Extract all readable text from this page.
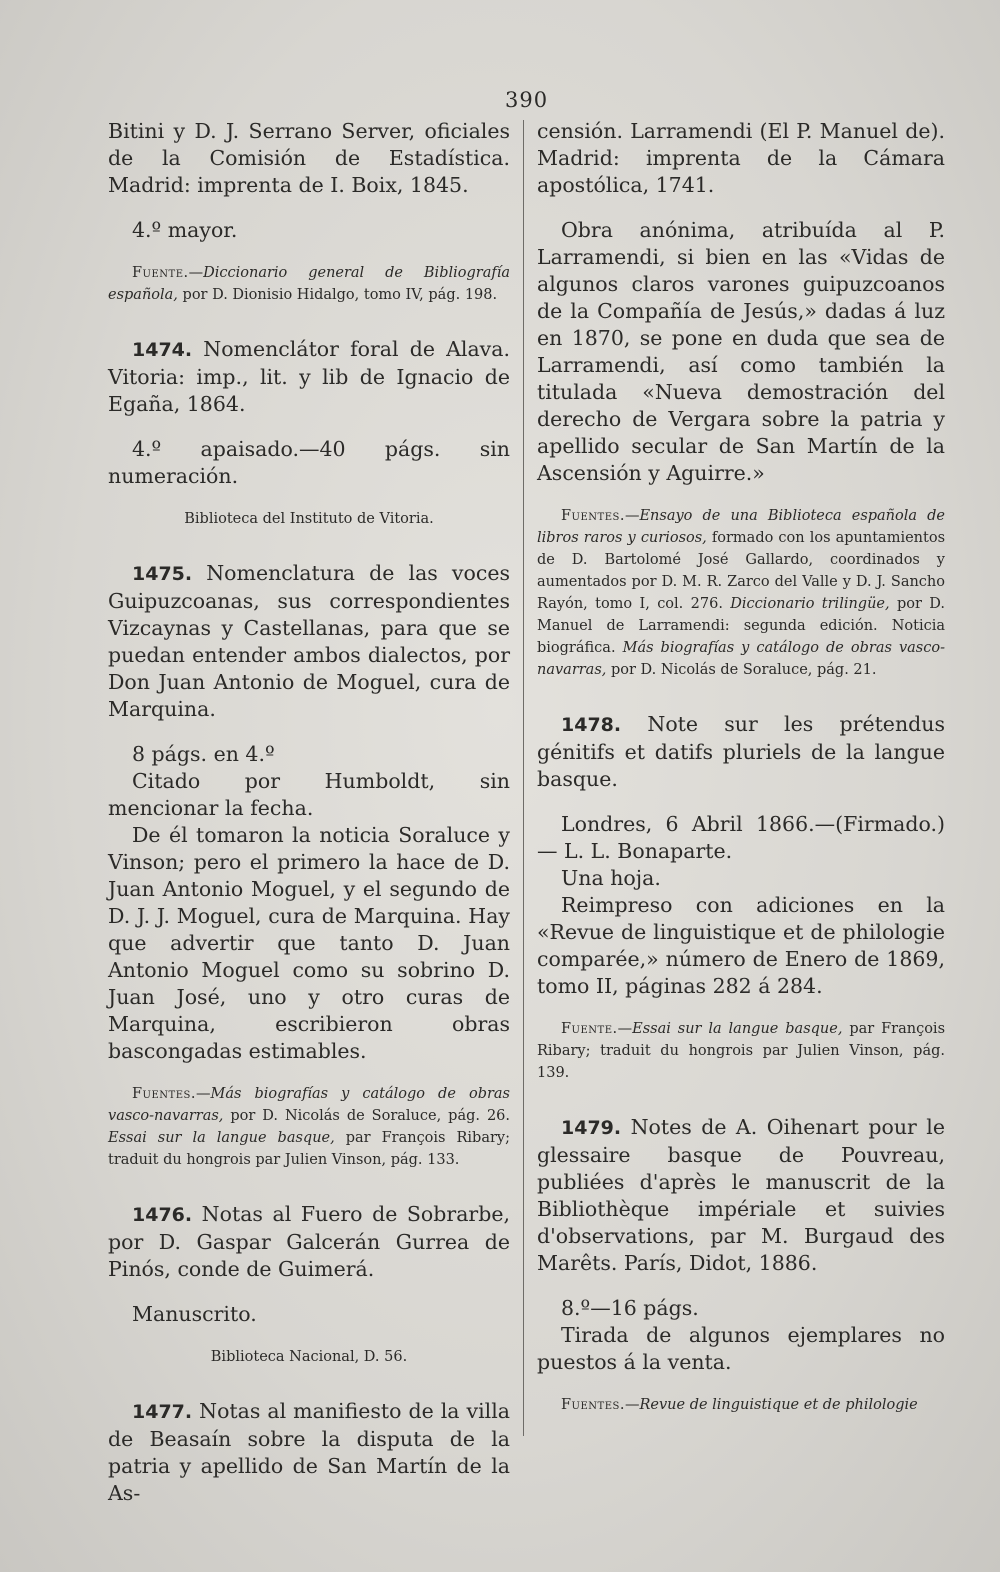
390

Bitini y D. J. Serrano Server, oficiales de la Comisión de Estadística. Madrid: imprenta de I. Boix, 1845.

4.º mayor.

Fuente.—Diccionario general de Bibliografía española, por D. Dionisio Hidalgo, tomo IV, pág. 198.

1474. Nomenclátor foral de Alava. Vitoria: imp., lit. y lib de Ignacio de Egaña, 1864.

4.º apaisado.—40 págs. sin numeración.

Biblioteca del Instituto de Vitoria.

1475. Nomenclatura de las voces Guipuzcoanas, sus correspondientes Vizcaynas y Castellanas, para que se puedan entender ambos dialectos, por Don Juan Antonio de Moguel, cura de Marquina.

8 págs. en 4.º

Citado por Humboldt, sin mencionar la fecha.

De él tomaron la noticia Soraluce y Vinson; pero el primero la hace de D. Juan Antonio Moguel, y el segundo de D. J. J. Moguel, cura de Marquina. Hay que advertir que tanto D. Juan Antonio Moguel como su sobrino D. Juan José, uno y otro curas de Marquina, escribieron obras bascongadas estimables.

Fuentes.—Más biografías y catálogo de obras vasco-navarras, por D. Nicolás de Soraluce, pág. 26. Essai sur la langue basque, par François Ribary; traduit du hongrois par Julien Vinson, pág. 133.

1476. Notas al Fuero de Sobrarbe, por D. Gaspar Galcerán Gurrea de Pinós, conde de Guimerá.

Manuscrito.

Biblioteca Nacional, D. 56.

1477. Notas al manifiesto de la villa de Beasaín sobre la disputa de la patria y apellido de San Martín de la As-

censión. Larramendi (El P. Manuel de). Madrid: imprenta de la Cámara apostólica, 1741.

Obra anónima, atribuída al P. Larramendi, si bien en las «Vidas de algunos claros varones guipuzcoanos de la Compañía de Jesús,» dadas á luz en 1870, se pone en duda que sea de Larramendi, así como también la titulada «Nueva demostración del derecho de Vergara sobre la patria y apellido secular de San Martín de la Ascensión y Aguirre.»

Fuentes.—Ensayo de una Biblioteca española de libros raros y curiosos, formado con los apuntamientos de D. Bartolomé José Gallardo, coordinados y aumentados por D. M. R. Zarco del Valle y D. J. Sancho Rayón, tomo I, col. 276. Diccionario trilingüe, por D. Manuel de Larramendi: segunda edición. Noticia biográfica. Más biografías y catálogo de obras vasco-navarras, por D. Nicolás de Soraluce, pág. 21.

1478. Note sur les prétendus génitifs et datifs pluriels de la langue basque.

Londres, 6 Abril 1866.—(Firmado.)— L. L. Bonaparte.

Una hoja.

Reimpreso con adiciones en la «Revue de linguistique et de philologie comparée,» número de Enero de 1869, tomo II, páginas 282 á 284.

Fuente.—Essai sur la langue basque, par François Ribary; traduit du hongrois par Julien Vinson, pág. 139.

1479. Notes de A. Oihenart pour le glessaire basque de Pouvreau, publiées d'après le manuscrit de la Bibliothèque impériale et suivies d'observations, par M. Burgaud des Marêts. París, Didot, 1886.

8.º—16 págs.

Tirada de algunos ejemplares no puestos á la venta.

Fuentes.—Revue de linguistique et de philologie
